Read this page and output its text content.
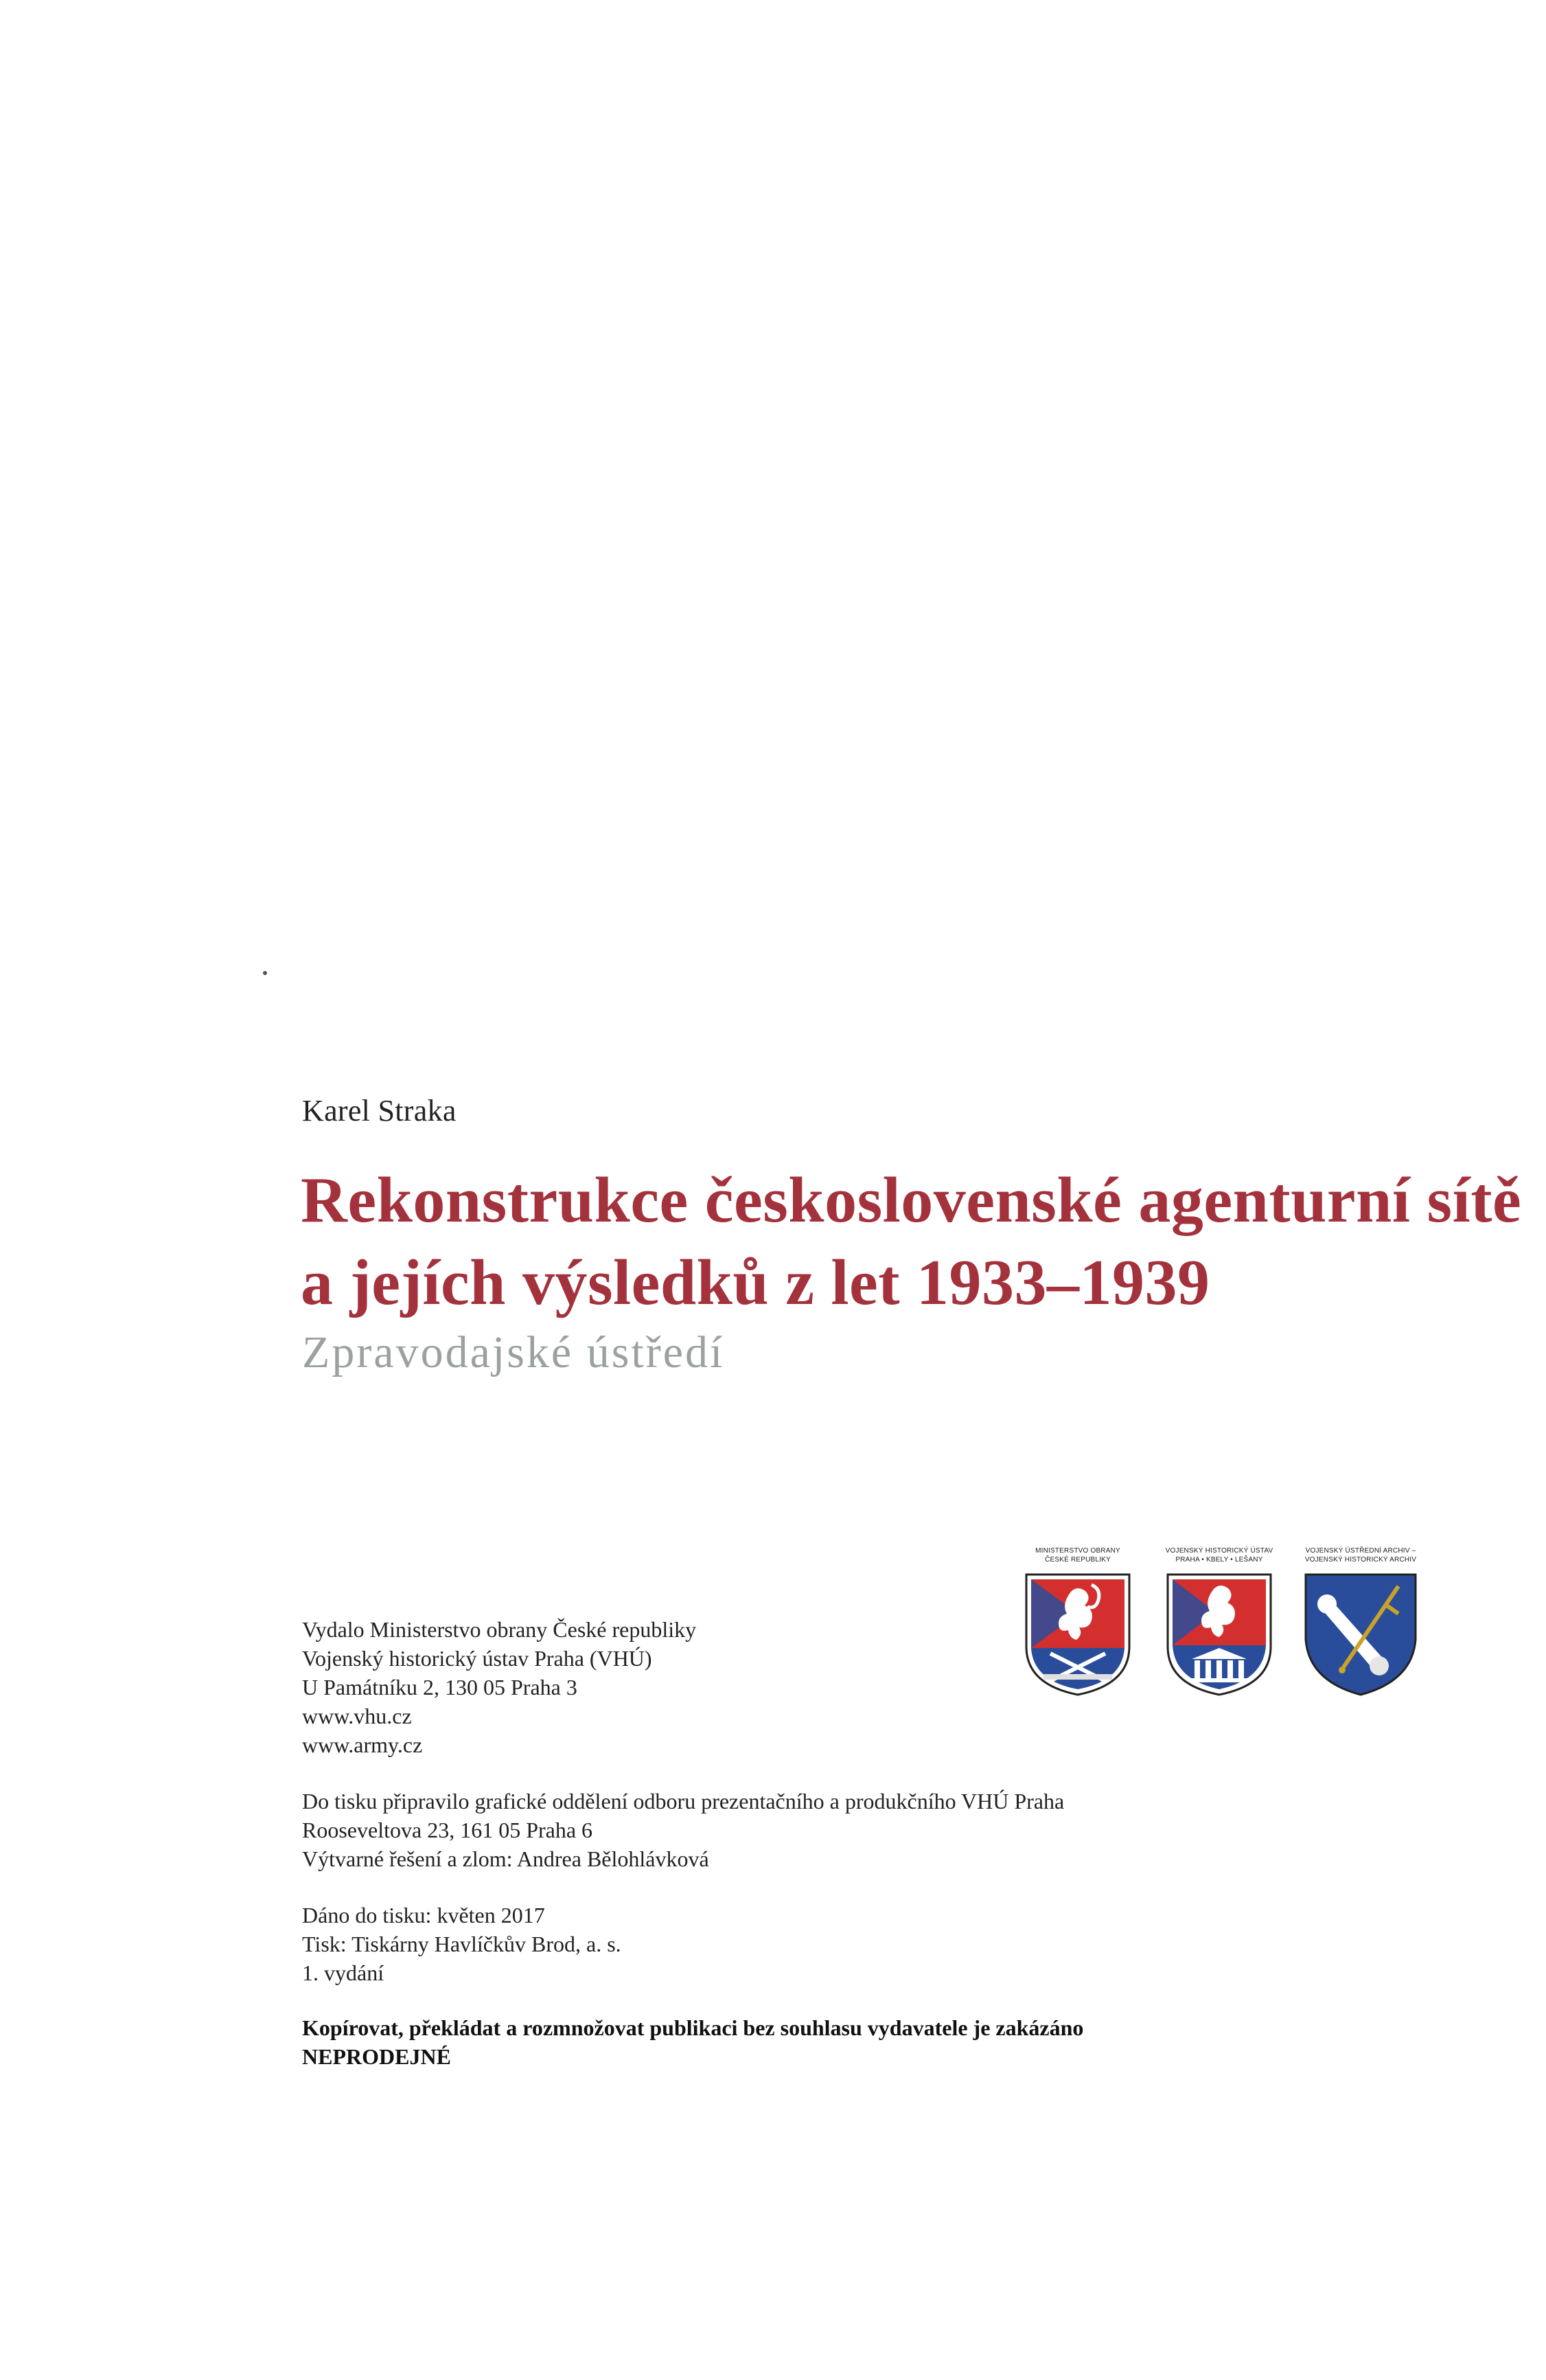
Karel Straka
Rekonstrukce československé agenturní sítě
a jejích výsledků z let 1933–1939
Zpravodajské ústředí
MINISTERSTVO OBRANY
ČESKÉ REPUBLIKY
VOJENSKÝ HISTORICKÝ ÚSTAV
PRAHA • KBELY • LEŠANY
VOJENSKÝ ÚSTŘEDNÍ ARCHIV –
VOJENSKÝ HISTORICKÝ ARCHIV
Vydalo Ministerstvo obrany České republiky
Vojenský historický ústav Praha (VHÚ)
U Památníku 2, 130 05 Praha 3
www.vhu.cz
www.army.cz
Do tisku připravilo grafické oddělení odboru prezentačního a produkčního VHÚ Praha
Rooseveltova 23, 161 05 Praha 6
Výtvarné řešení a zlom: Andrea Bělohlávková
Dáno do tisku: květen 2017
Tisk: Tiskárny Havlíčkův Brod, a. s.
1. vydání
Kopírovat, překládat a rozmnožovat publikaci bez souhlasu vydavatele je zakázáno
NEPRODEJNÉ
